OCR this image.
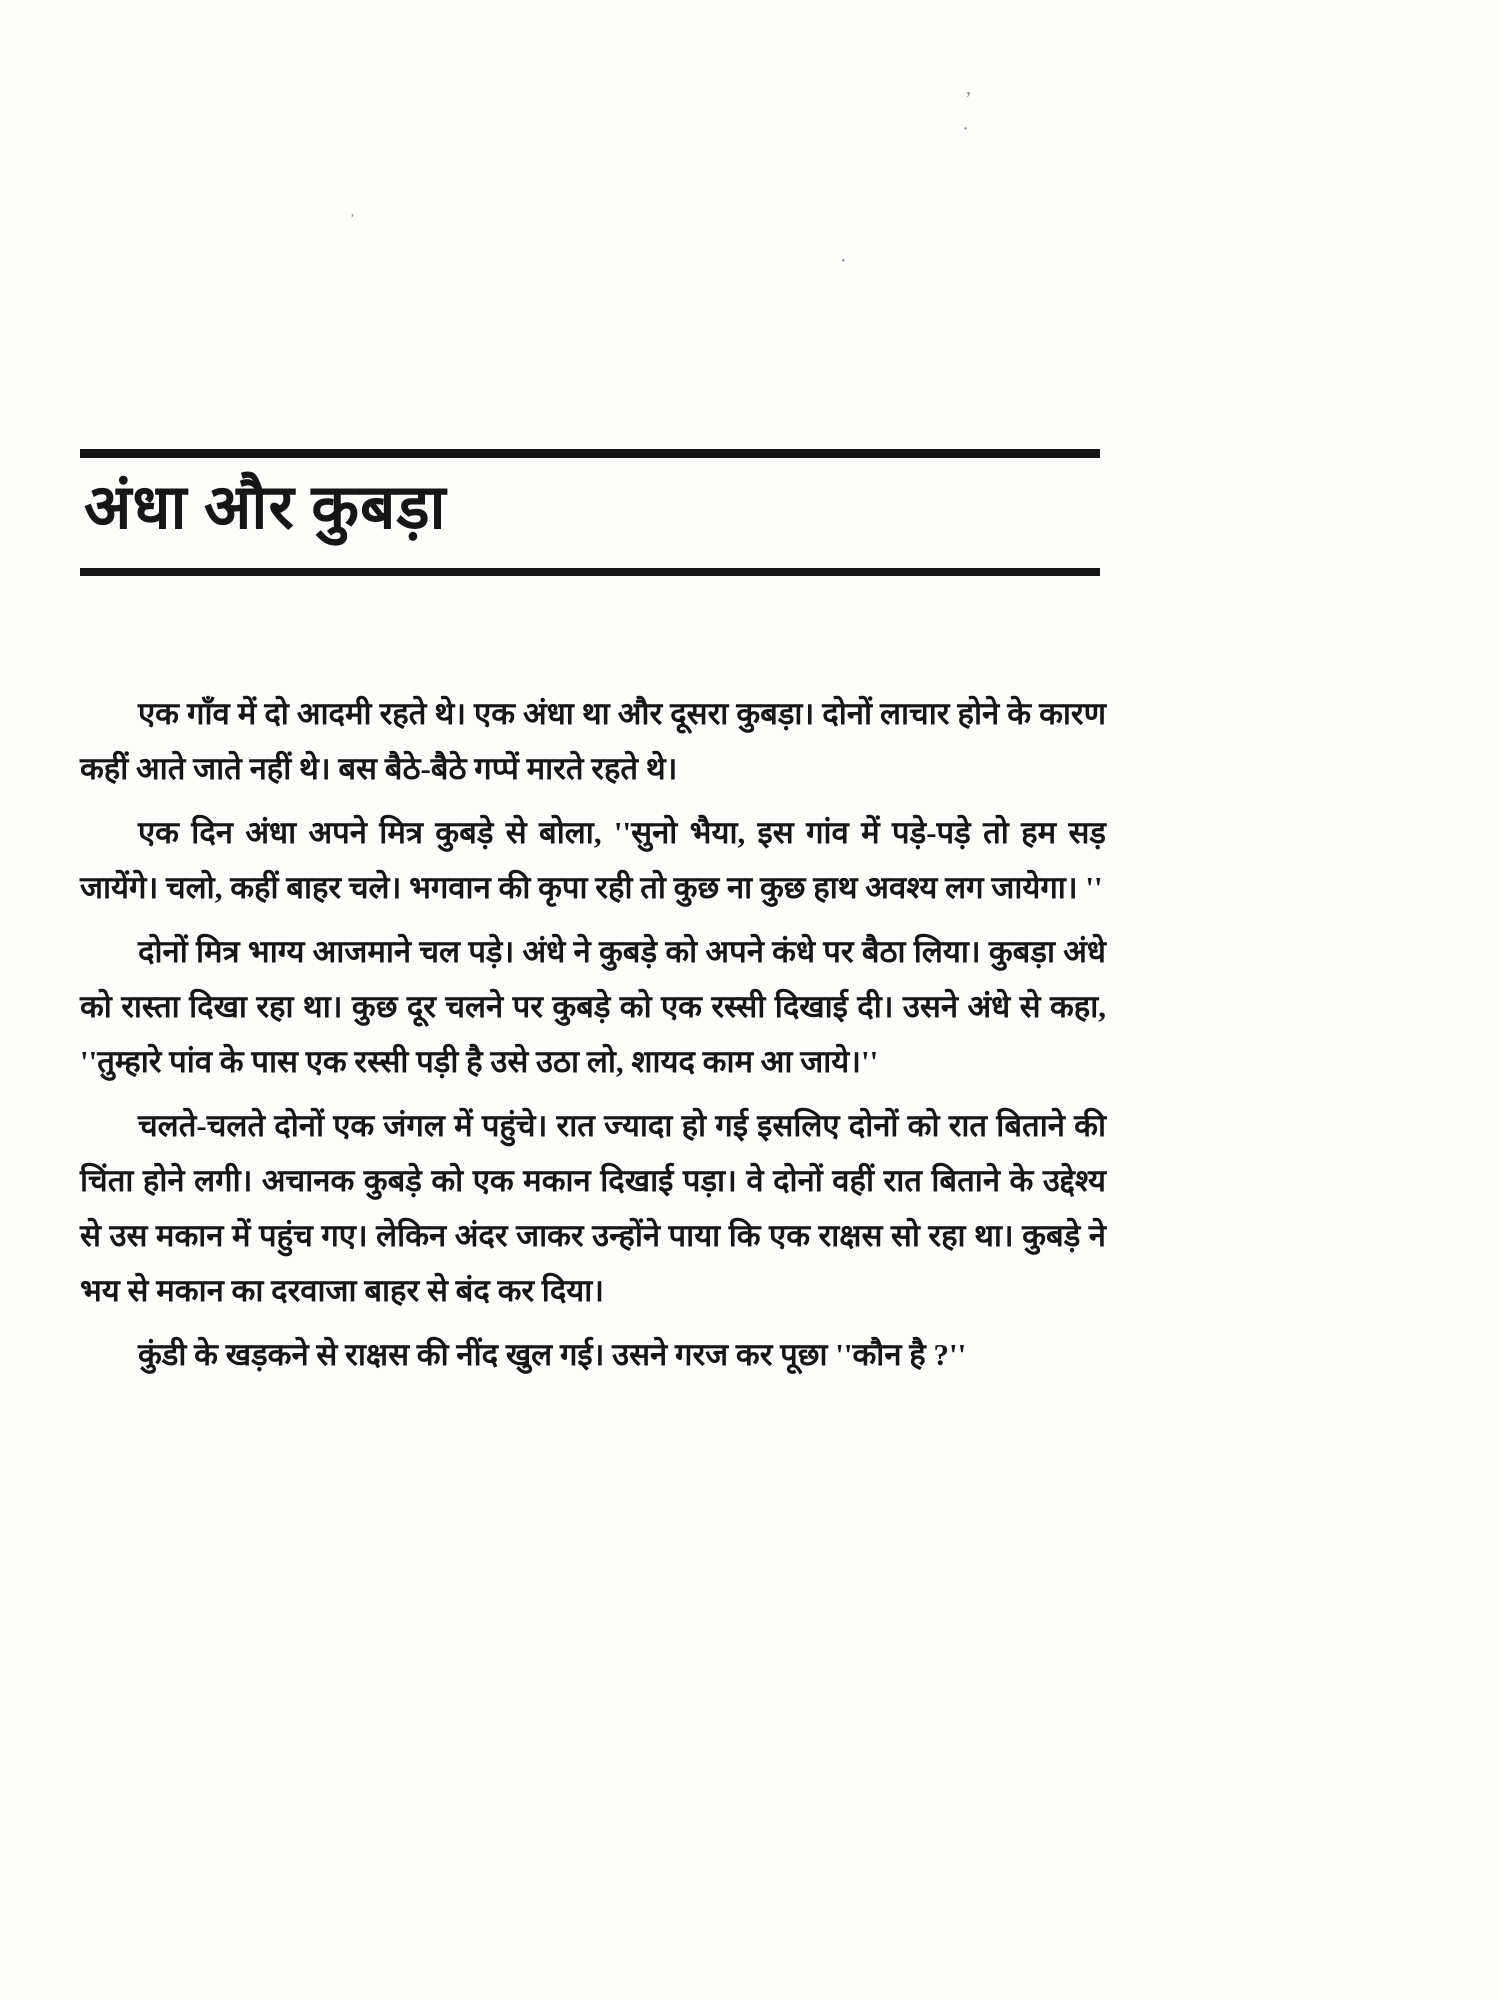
’
·
·
’
अंधा और कुबड़ा

एक गाँव में दो आदमी रहते थे। एक अंधा था और दूसरा कुबड़ा। दोनों लाचार होने के कारण कहीं आते जाते नहीं थे। बस बैठे-बैठे गप्पें मारते रहते थे।

एक दिन अंधा अपने मित्र कुबड़े से बोला, ''सुनो भैया, इस गांव में पड़े-पड़े तो हम सड़ जायेंगे। चलो, कहीं बाहर चले। भगवान की कृपा रही तो कुछ ना कुछ हाथ अवश्य लग जायेगा। ''

दोनों मित्र भाग्य आजमाने चल पड़े। अंधे ने कुबड़े को अपने कंधे पर बैठा लिया। कुबड़ा अंधे को रास्ता दिखा रहा था। कुछ दूर चलने पर कुबड़े को एक रस्सी दिखाई दी। उसने अंधे से कहा, ''तुम्हारे पांव के पास एक रस्सी पड़ी है उसे उठा लो, शायद काम आ जाये।''

चलते-चलते दोनों एक जंगल में पहुंचे। रात ज्यादा हो गई इसलिए दोनों को रात बिताने की चिंता होने लगी। अचानक कुबड़े को एक मकान दिखाई पड़ा। वे दोनों वहीं रात बिताने के उद्देश्य से उस मकान में पहुंच गए। लेकिन अंदर जाकर उन्होंने पाया कि एक राक्षस सो रहा था। कुबड़े ने भय से मकान का दरवाजा बाहर से बंद कर दिया।

कुंडी के खड़कने से राक्षस की नींद खुल गई। उसने गरज कर पूछा ''कौन है ?''
